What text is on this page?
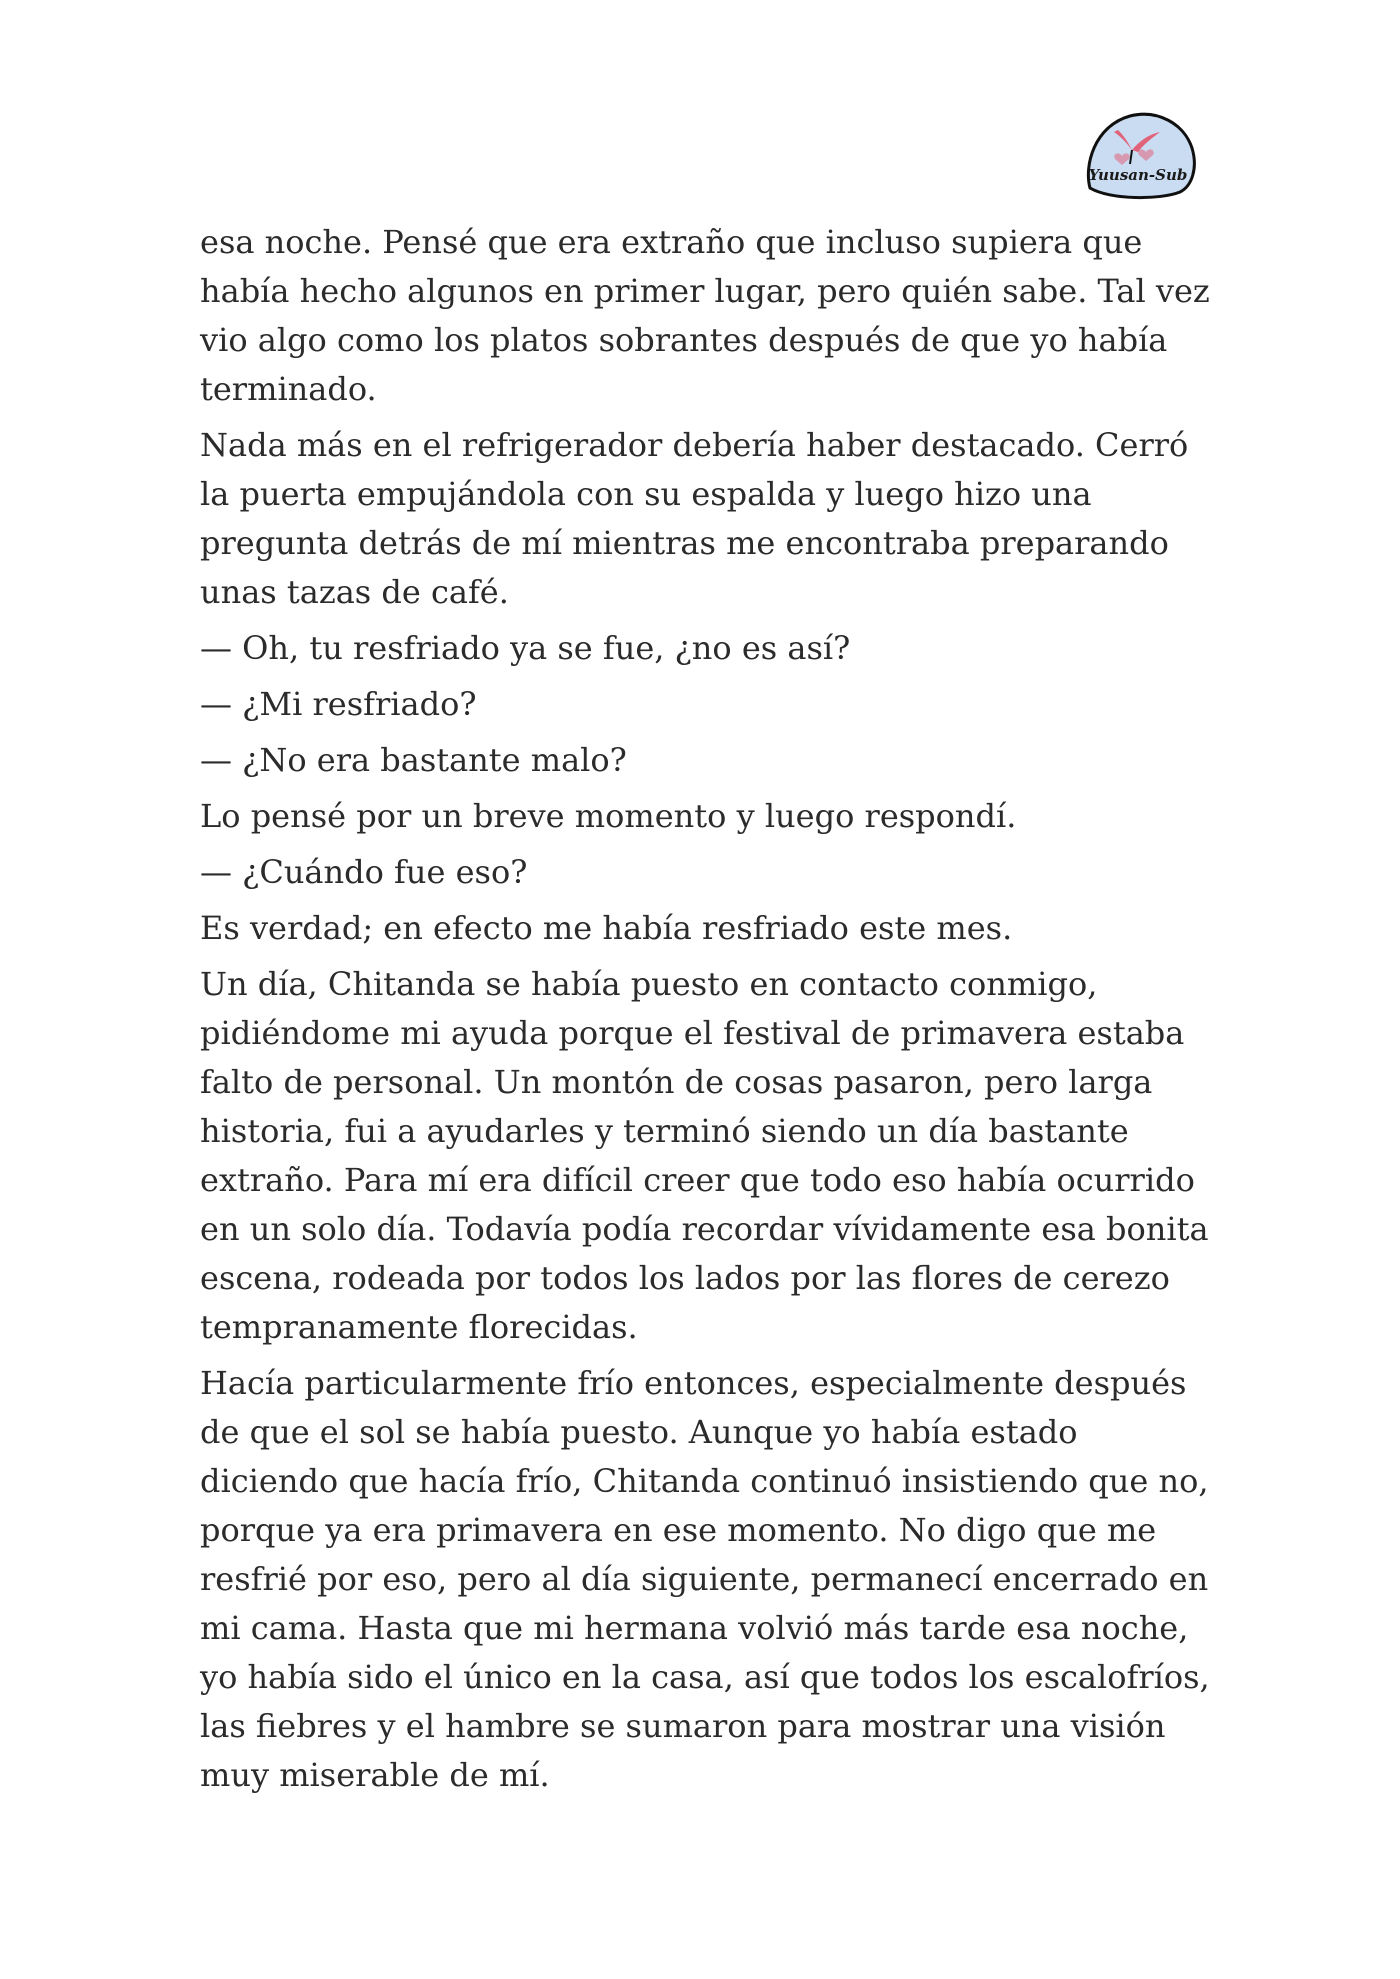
Yuusan-Sub

esa noche. Pensé que era extraño que incluso supiera que había hecho algunos en primer lugar, pero quién sabe. Tal vez vio algo como los platos sobrantes después de que yo había terminado.

Nada más en el refrigerador debería haber destacado. Cerró la puerta empujándola con su espalda y luego hizo una pregunta detrás de mí mientras me encontraba preparando unas tazas de café.

— Oh, tu resfriado ya se fue, ¿no es así?

— ¿Mi resfriado?

— ¿No era bastante malo?

Lo pensé por un breve momento y luego respondí.

— ¿Cuándo fue eso?

Es verdad; en efecto me había resfriado este mes.

Un día, Chitanda se había puesto en contacto conmigo, pidiéndome mi ayuda porque el festival de primavera estaba falto de personal. Un montón de cosas pasaron, pero larga historia, fui a ayudarles y terminó siendo un día bastante extraño. Para mí era difícil creer que todo eso había ocurrido en un solo día. Todavía podía recordar vívidamente esa bonita escena, rodeada por todos los lados por las flores de cerezo tempranamente florecidas.

Hacía particularmente frío entonces, especialmente después de que el sol se había puesto. Aunque yo había estado diciendo que hacía frío, Chitanda continuó insistiendo que no, porque ya era primavera en ese momento. No digo que me resfrié por eso, pero al día siguiente, permanecí encerrado en mi cama. Hasta que mi hermana volvió más tarde esa noche, yo había sido el único en la casa, así que todos los escalofríos, las fiebres y el hambre se sumaron para mostrar una visión muy miserable de mí.
